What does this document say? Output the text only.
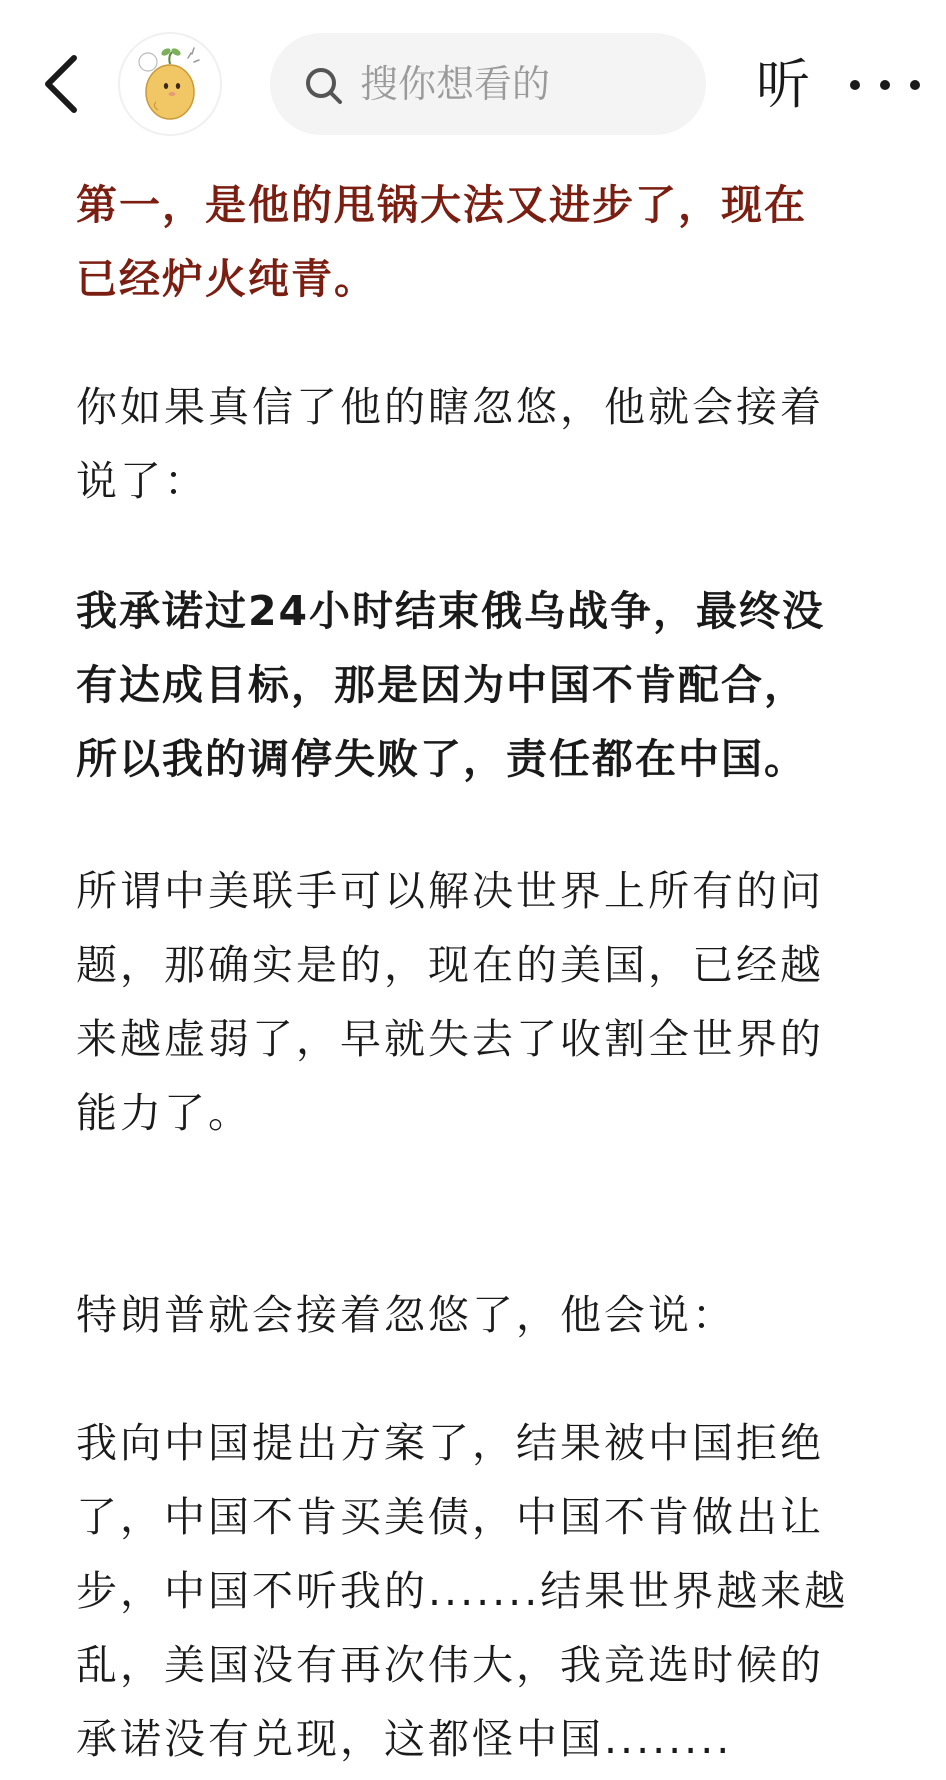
搜你想看的	听

第一，是他的甩锅大法又进步了，现在
已经炉火纯青。

你如果真信了他的瞎忽悠，他就会接着
说了：

我承诺过24小时结束俄乌战争，最终没
有达成目标，那是因为中国不肯配合，
所以我的调停失败了，责任都在中国。

所谓中美联手可以解决世界上所有的问
题，那确实是的，现在的美国，已经越
来越虚弱了，早就失去了收割全世界的
能力了。

特朗普就会接着忽悠了，他会说：

我向中国提出方案了，结果被中国拒绝
了，中国不肯买美债，中国不肯做出让
步，中国不听我的.......结果世界越来越
乱，美国没有再次伟大，我竞选时候的
承诺没有兑现，这都怪中国........
